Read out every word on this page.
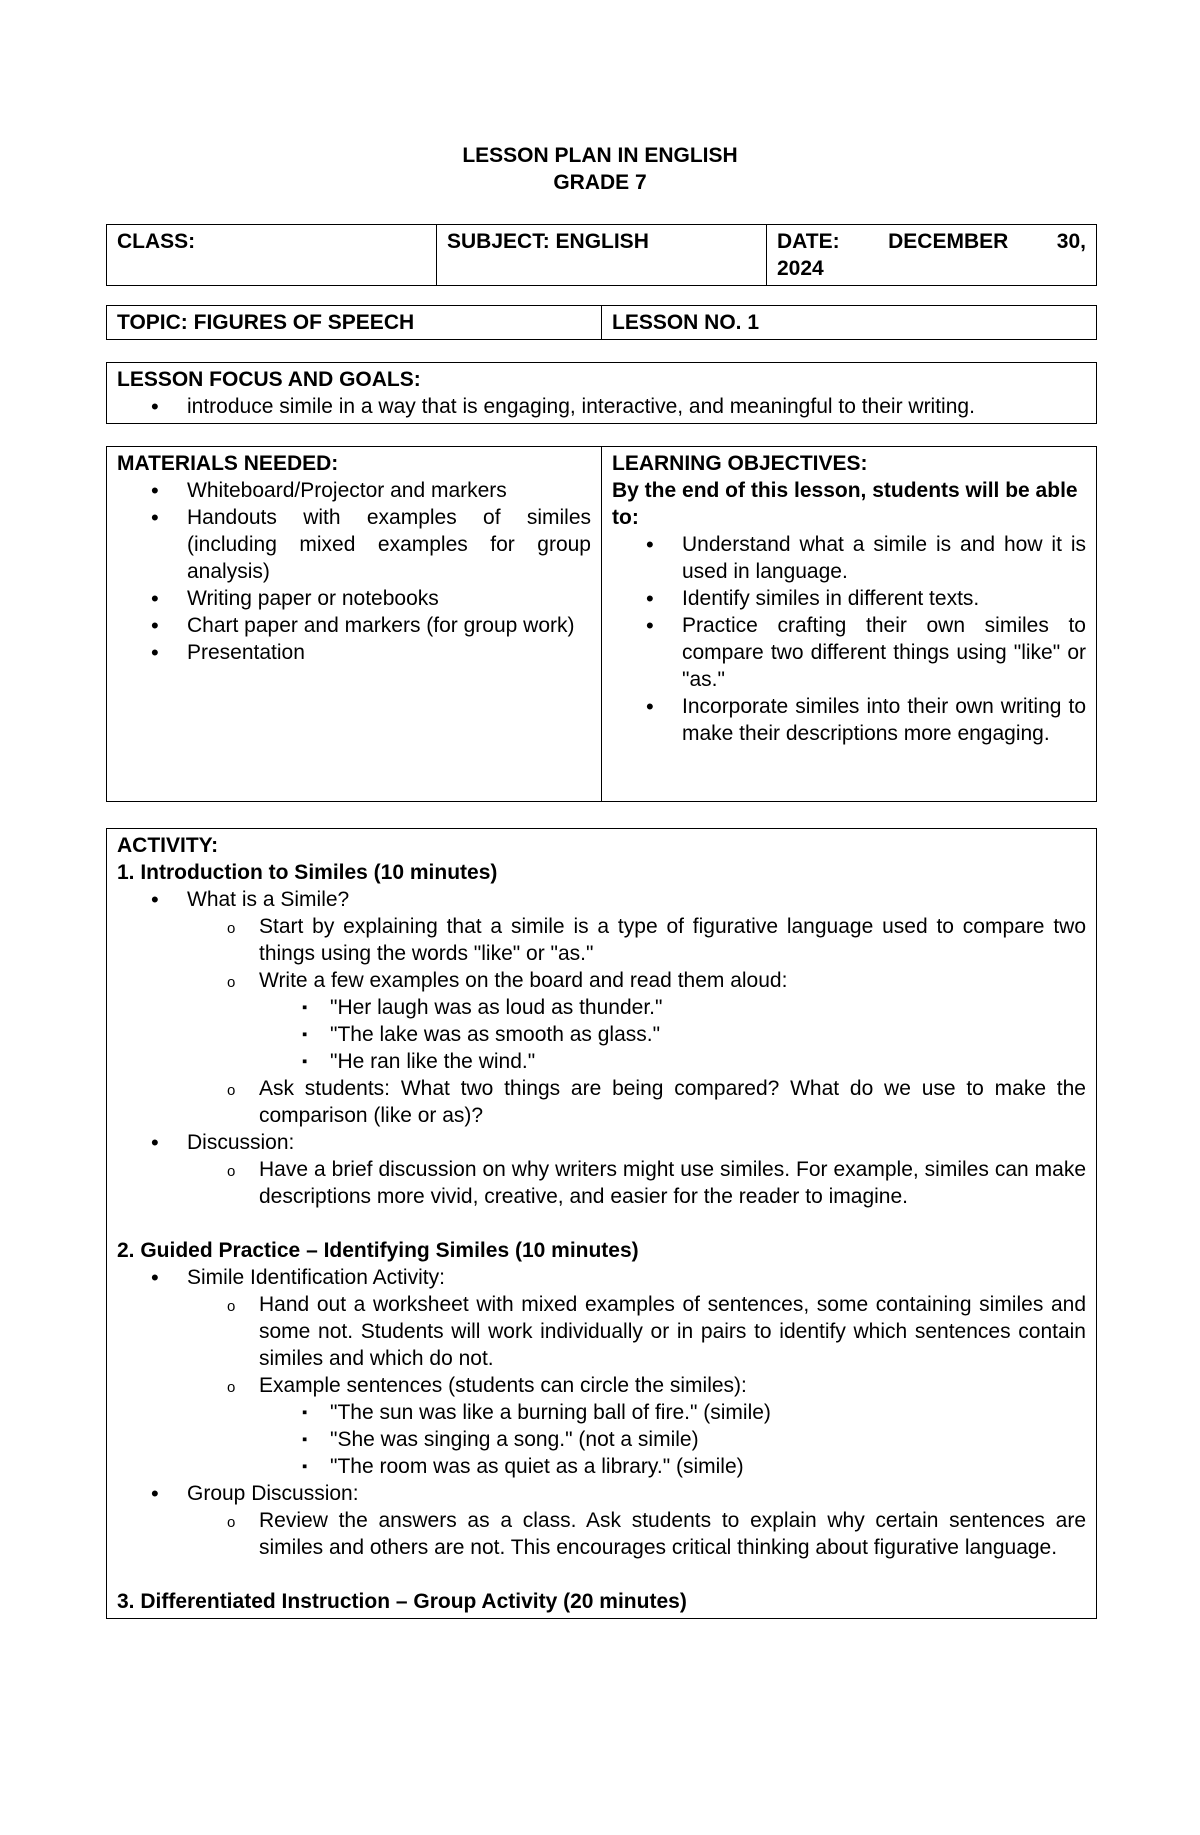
LESSON PLAN IN ENGLISH
GRADE 7
CLASS:	SUBJECT: ENGLISH	DATE: DECEMBER 30,
2024
TOPIC: FIGURES OF SPEECH	LESSON NO. 1
LESSON FOCUS AND GOALS:
• introduce simile in a way that is engaging, interactive, and meaningful to their writing.
MATERIALS NEEDED:
• Whiteboard/Projector and markers
• Handouts with examples of similes (including mixed examples for group analysis)
• Writing paper or notebooks
• Chart paper and markers (for group work)
• Presentation

LEARNING OBJECTIVES:
By the end of this lesson, students will be able to:
• Understand what a simile is and how it is used in language.
• Identify similes in different texts.
• Practice crafting their own similes to compare two different things using "like" or "as."
• Incorporate similes into their own writing to make their descriptions more engaging.
ACTIVITY:
1. Introduction to Similes (10 minutes)
• What is a Simile?
o Start by explaining that a simile is a type of figurative language used to compare two things using the words "like" or "as."
o Write a few examples on the board and read them aloud:
▪ "Her laugh was as loud as thunder."
▪ "The lake was as smooth as glass."
▪ "He ran like the wind."
o Ask students: What two things are being compared? What do we use to make the comparison (like or as)?
• Discussion:
o Have a brief discussion on why writers might use similes. For example, similes can make descriptions more vivid, creative, and easier for the reader to imagine.
2. Guided Practice – Identifying Similes (10 minutes)
• Simile Identification Activity:
o Hand out a worksheet with mixed examples of sentences, some containing similes and some not. Students will work individually or in pairs to identify which sentences contain similes and which do not.
o Example sentences (students can circle the similes):
▪ "The sun was like a burning ball of fire." (simile)
▪ "She was singing a song." (not a simile)
▪ "The room was as quiet as a library." (simile)
• Group Discussion:
o Review the answers as a class. Ask students to explain why certain sentences are similes and others are not. This encourages critical thinking about figurative language.
3. Differentiated Instruction – Group Activity (20 minutes)
